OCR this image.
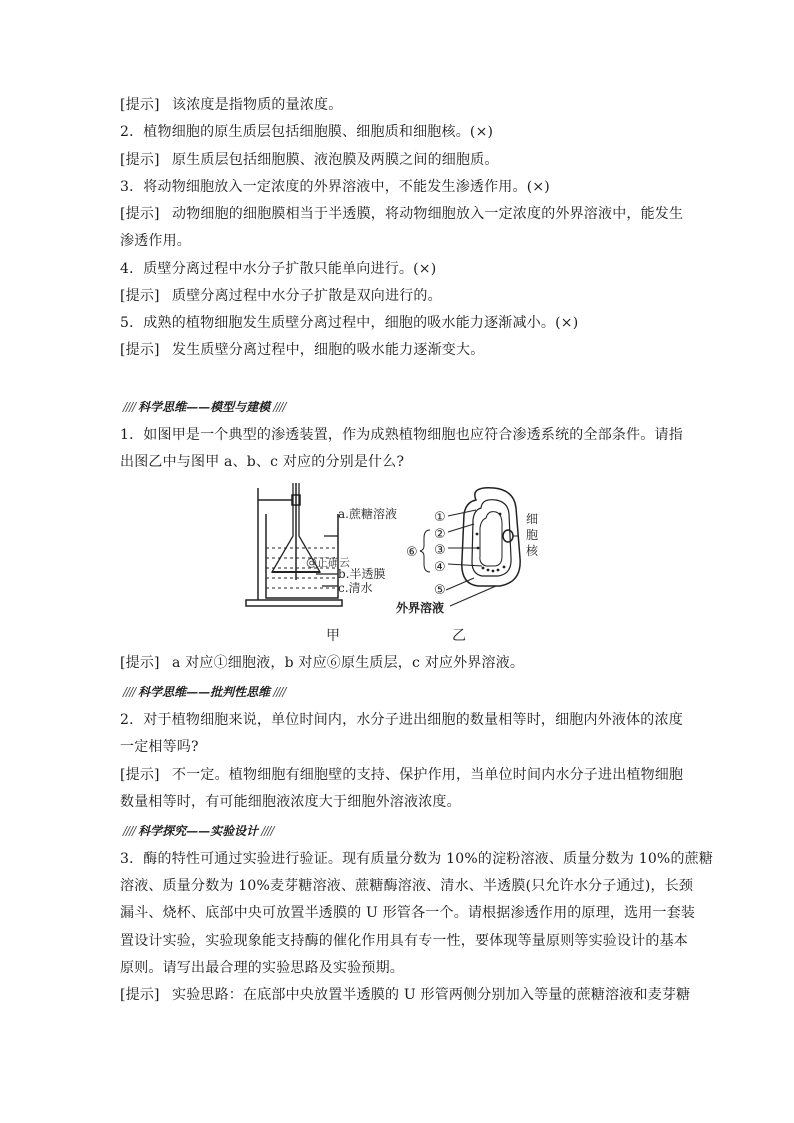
[提示] 该浓度是指物质的量浓度。
2．植物细胞的原生质层包括细胞膜、细胞质和细胞核。(×)
[提示] 原生质层包括细胞膜、液泡膜及两膜之间的细胞质。
3．将动物细胞放入一定浓度的外界溶液中，不能发生渗透作用。(×)
[提示] 动物细胞的细胞膜相当于半透膜，将动物细胞放入一定浓度的外界溶液中，能发生
渗透作用。
4．质壁分离过程中水分子扩散只能单向进行。(×)
[提示] 质壁分离过程中水分子扩散是双向进行的。
5．成熟的植物细胞发生质壁分离过程中，细胞的吸水能力逐渐减小。(×)
[提示] 发生质壁分离过程中，细胞的吸水能力逐渐变大。
//// 科学思维——模型与建模 ////
1．如图甲是一个典型的渗透装置，作为成熟植物细胞也应符合渗透系统的全部条件。请指
出图乙中与图甲 a、b、c 对应的分别是什么?
a.蔗糖溶液
@正确云
b.半透膜
c.清水
①
②
③
④
⑤
⑥
细
胞
核
外界溶液
甲	乙
[提示] a 对应①细胞液，b 对应⑥原生质层，c 对应外界溶液。
//// 科学思维——批判性思维 ////
2．对于植物细胞来说，单位时间内，水分子进出细胞的数量相等时，细胞内外液体的浓度
一定相等吗?
[提示] 不一定。植物细胞有细胞壁的支持、保护作用，当单位时间内水分子进出植物细胞
数量相等时，有可能细胞液浓度大于细胞外溶液浓度。
//// 科学探究——实验设计 ////
3．酶的特性可通过实验进行验证。现有质量分数为 10%的淀粉溶液、质量分数为 10%的蔗糖
溶液、质量分数为 10%麦芽糖溶液、蔗糖酶溶液、清水、半透膜(只允许水分子通过)，长颈
漏斗、烧杯、底部中央可放置半透膜的 U 形管各一个。请根据渗透作用的原理，选用一套装
置设计实验，实验现象能支持酶的催化作用具有专一性，要体现等量原则等实验设计的基本
原则。请写出最合理的实验思路及实验预期。
[提示] 实验思路：在底部中央放置半透膜的 U 形管两侧分别加入等量的蔗糖溶液和麦芽糖
